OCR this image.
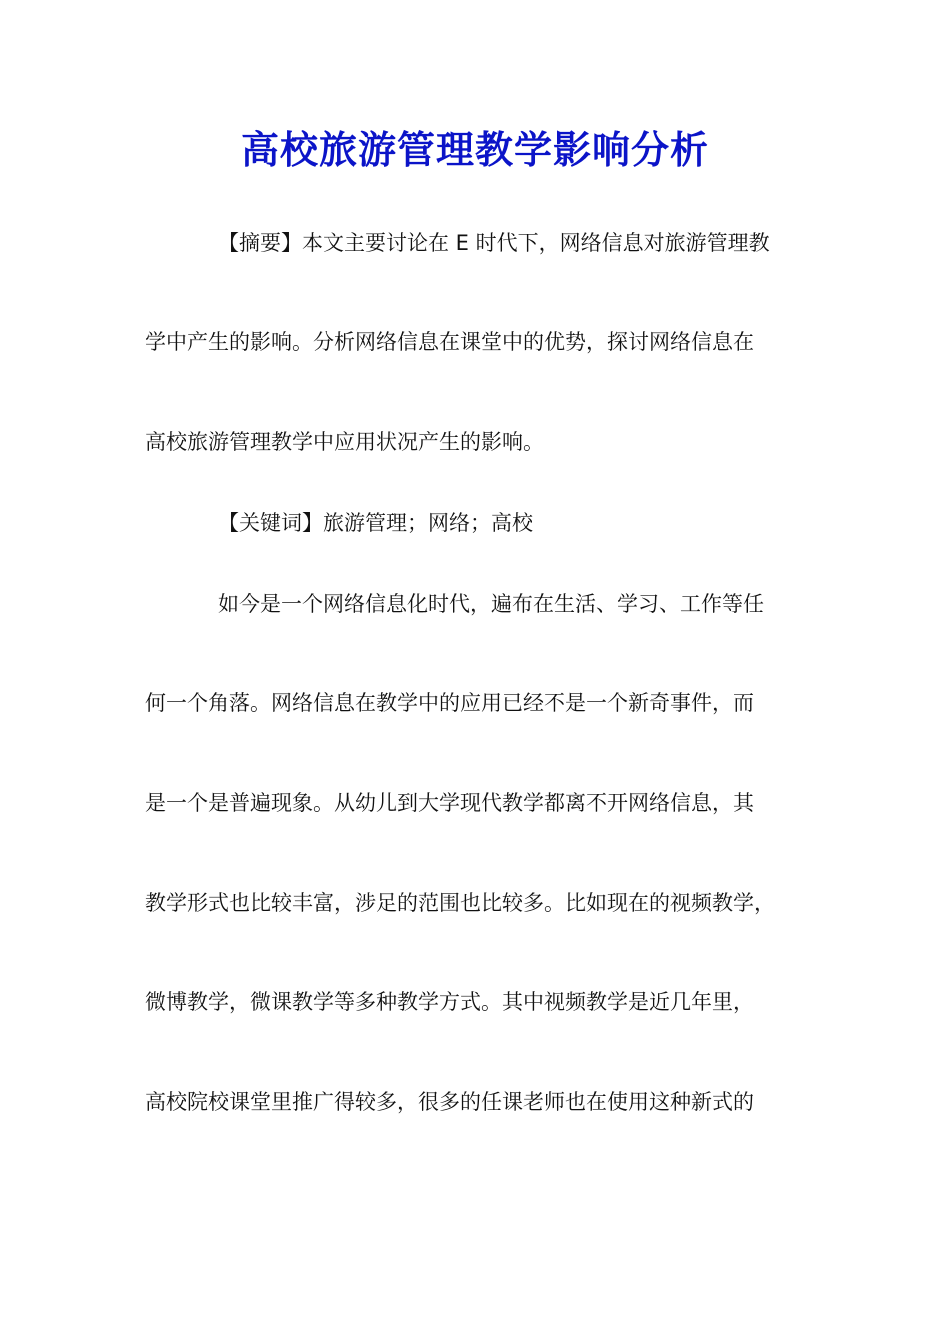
高校旅游管理教学影响分析
【摘要】本文主要讨论在 E 时代下，网络信息对旅游管理教
学中产生的影响。分析网络信息在课堂中的优势，探讨网络信息在
高校旅游管理教学中应用状况产生的影响。
【关键词】旅游管理；网络；高校
如今是一个网络信息化时代，遍布在生活、学习、工作等任
何一个角落。网络信息在教学中的应用已经不是一个新奇事件，而
是一个是普遍现象。从幼儿到大学现代教学都离不开网络信息，其
教学形式也比较丰富，涉足的范围也比较多。比如现在的视频教学，
微博教学，微课教学等多种教学方式。其中视频教学是近几年里，
高校院校课堂里推广得较多，很多的任课老师也在使用这种新式的
